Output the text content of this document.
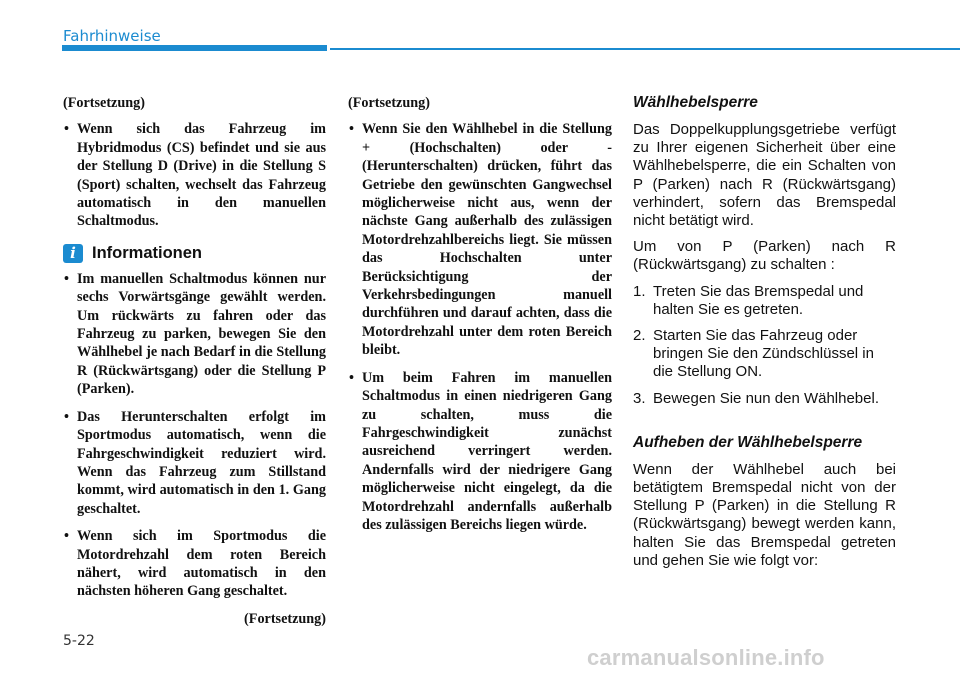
Fahrhinweise

(Fortsetzung)

• Wenn sich das Fahrzeug im Hybridmodus (CS) befindet und sie aus der Stellung D (Drive) in die Stellung S (Sport) schalten, wechselt das Fahrzeug automatisch in den manuellen Schaltmodus.
i Informationen
• Im manuellen Schaltmodus können nur sechs Vorwärtsgänge gewählt werden. Um rückwärts zu fahren oder das Fahrzeug zu parken, bewegen Sie den Wählhebel je nach Bedarf in die Stellung R (Rückwärtsgang) oder die Stellung P (Parken).
• Das Herunterschalten erfolgt im Sportmodus automatisch, wenn die Fahrgeschwindigkeit reduziert wird. Wenn das Fahrzeug zum Stillstand kommt, wird automatisch in den 1. Gang geschaltet.
• Wenn sich im Sportmodus die Motordrehzahl dem roten Bereich nähert, wird automatisch in den nächsten höheren Gang geschaltet.

(Fortsetzung)

(Fortsetzung)

• Wenn Sie den Wählhebel in die Stellung + (Hochschalten) oder - (Herunterschalten) drücken, führt das Getriebe den gewünschten Gangwechsel möglicherweise nicht aus, wenn der nächste Gang außerhalb des zulässigen Motordrehzahlbereichs liegt. Sie müssen das Hochschalten unter Berücksichtigung der Verkehrsbedingungen manuell durchführen und darauf achten, dass die Motordrehzahl unter dem roten Bereich bleibt.
• Um beim Fahren im manuellen Schaltmodus in einen niedrigeren Gang zu schalten, muss die Fahrgeschwindigkeit zunächst ausreichend verringert werden. Andernfalls wird der niedrigere Gang möglicherweise nicht eingelegt, da die Motordrehzahl andernfalls außerhalb des zulässigen Bereichs liegen würde.
Wählhebelsperre

Das Doppelkupplungsgetriebe verfügt zu Ihrer eigenen Sicherheit über eine Wählhebelsperre, die ein Schalten von P (Parken) nach R (Rückwärtsgang) verhindert, sofern das Bremspedal nicht betätigt wird.

Um von P (Parken) nach R (Rückwärtsgang) zu schalten :

1. Treten Sie das Bremspedal und halten Sie es getreten.
2. Starten Sie das Fahrzeug oder bringen Sie den Zündschlüssel in die Stellung ON.
3. Bewegen Sie nun den Wählhebel.
Aufheben der Wählhebelsperre

Wenn der Wählhebel auch bei betätigtem Bremspedal nicht von der Stellung P (Parken) in die Stellung R (Rückwärtsgang) bewegt werden kann, halten Sie das Bremspedal getreten und gehen Sie wie folgt vor:

5-22
carmanualsonline.info
